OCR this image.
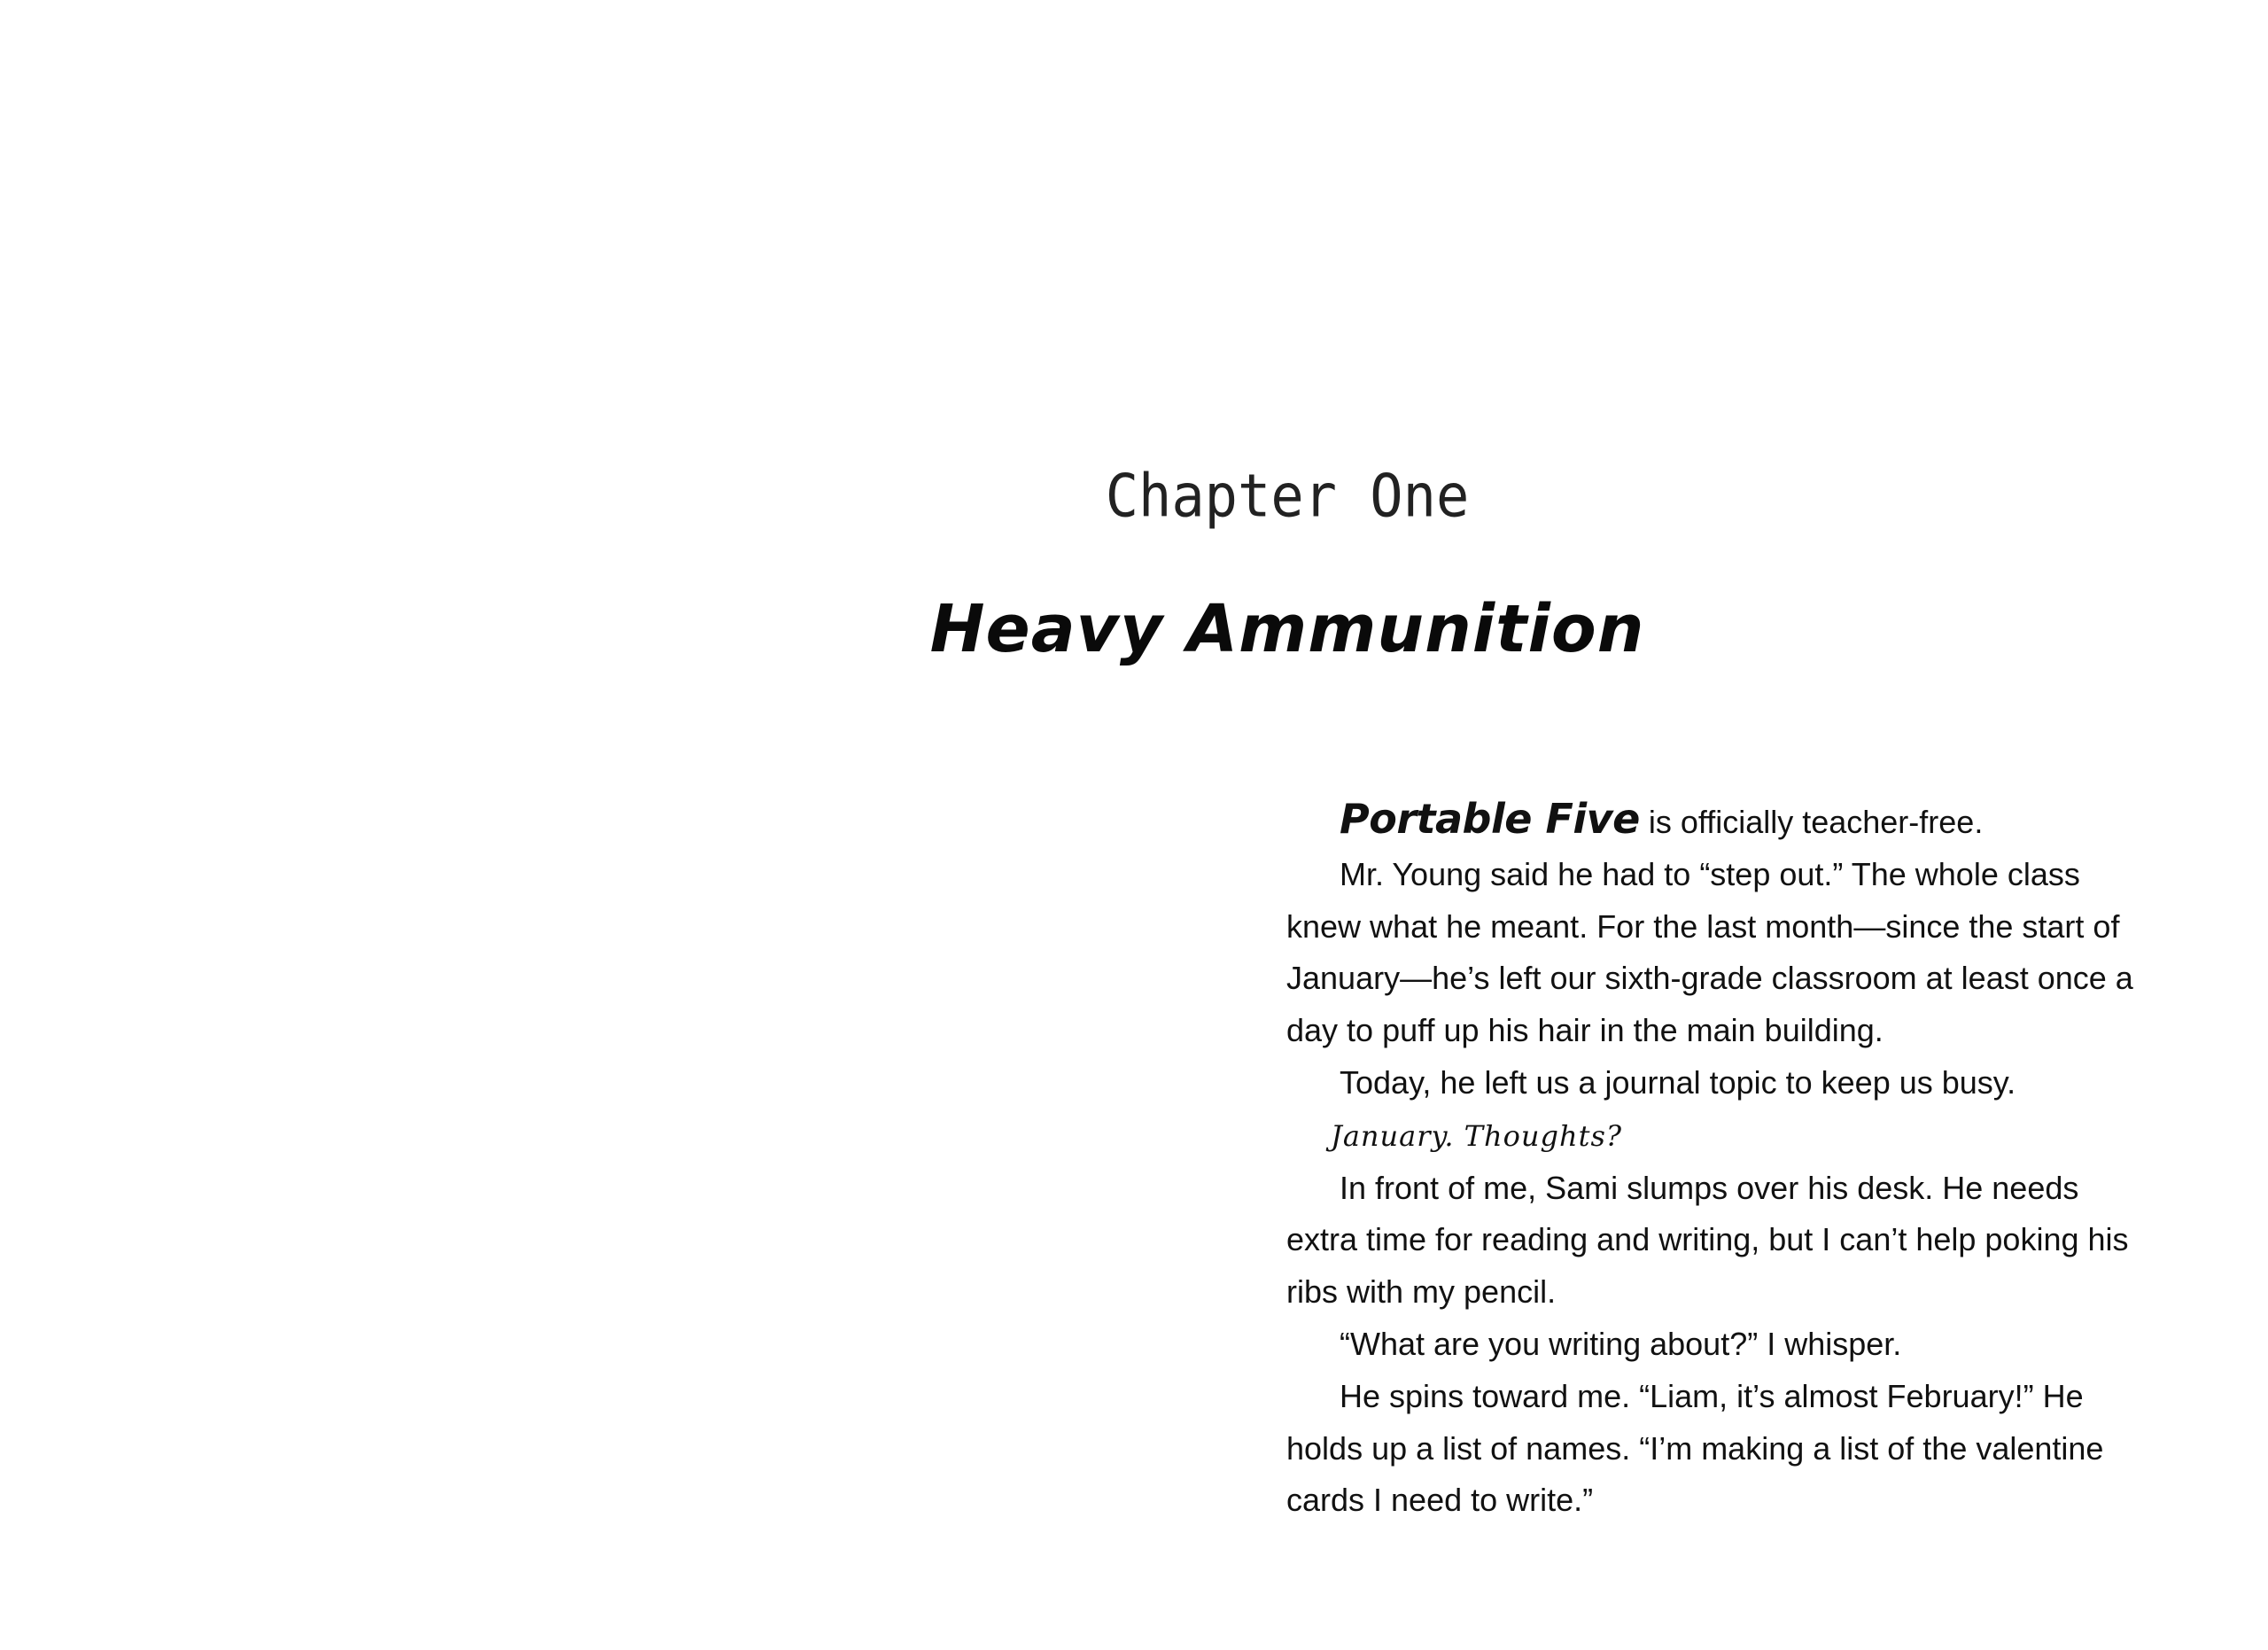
Chapter One
Heavy Ammunition

Portable Five is officially teacher-free.

Mr. Young said he had to “step out.” The whole class knew what he meant. For the last month—since the start of January—he’s left our sixth-grade classroom at least once a day to puff up his hair in the main building.

Today, he left us a journal topic to keep us busy.

January. Thoughts?

In front of me, Sami slumps over his desk. He needs extra time for reading and writing, but I can’t help poking his ribs with my pencil.

“What are you writing about?” I whisper.

He spins toward me. “Liam, it’s almost February!” He holds up a list of names. “I’m making a list of the valentine cards I need to write.”
